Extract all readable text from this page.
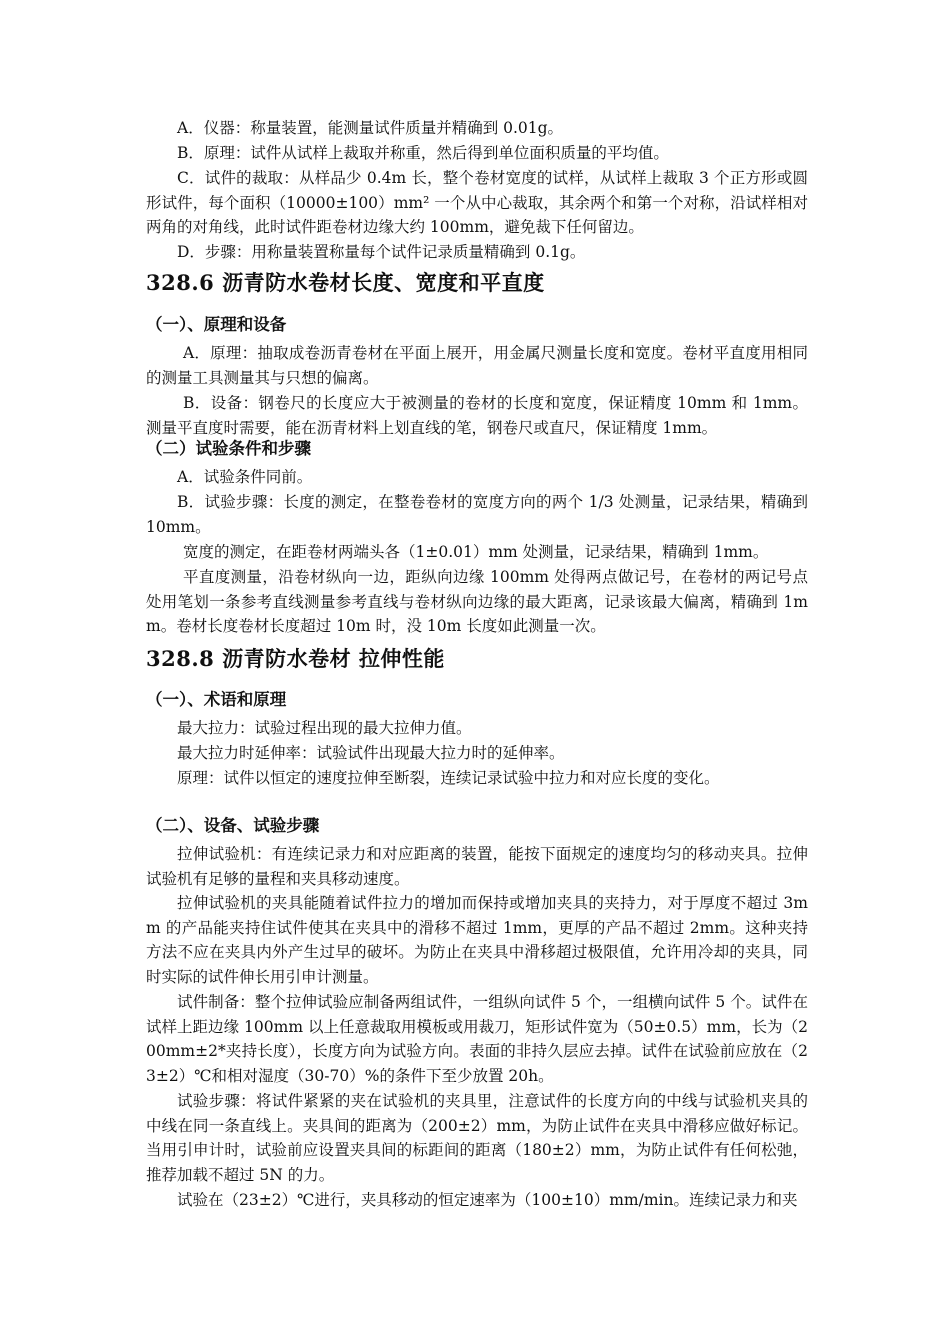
A．仪器：称量装置，能测量试件质量并精确到 0.01g。

B．原理：试件从试样上裁取并称重，然后得到单位面积质量的平均值。

C．试件的裁取：从样品少 0.4m 长，整个卷材宽度的试样，从试样上裁取 3 个正方形或圆形试件，每个面积（10000±100）mm² 一个从中心裁取，其余两个和第一个对称，沿试样相对两角的对角线，此时试件距卷材边缘大约 100mm，避免裁下任何留边。

D．步骤：用称量装置称量每个试件记录质量精确到 0.1g。

328.6 沥青防水卷材长度、宽度和平直度
（一）、原理和设备

A．原理：抽取成卷沥青卷材在平面上展开，用金属尺测量长度和宽度。卷材平直度用相同的测量工具测量其与只想的偏离。

B．设备：钢卷尺的长度应大于被测量的卷材的长度和宽度，保证精度 10mm 和 1mm。测量平直度时需要，能在沥青材料上划直线的笔，钢卷尺或直尺，保证精度 1mm。

（二）试验条件和步骤

A．试验条件同前。

B．试验步骤：长度的测定，在整卷卷材的宽度方向的两个 1/3 处测量，记录结果，精确到 10mm。

宽度的测定，在距卷材两端头各（1±0.01）mm 处测量，记录结果，精确到 1mm。

平直度测量，沿卷材纵向一边，距纵向边缘 100mm 处得两点做记号，在卷材的两记号点处用笔划一条参考直线测量参考直线与卷材纵向边缘的最大距离，记录该最大偏离，精确到 1mm。卷材长度卷材长度超过 10m 时，没 10m 长度如此测量一次。

328.8 沥青防水卷材 拉伸性能
（一）、术语和原理

最大拉力：试验过程出现的最大拉伸力值。

最大拉力时延伸率：试验试件出现最大拉力时的延伸率。

原理：试件以恒定的速度拉伸至断裂，连续记录试验中拉力和对应长度的变化。

（二）、设备、试验步骤

拉伸试验机：有连续记录力和对应距离的装置，能按下面规定的速度均匀的移动夹具。拉伸试验机有足够的量程和夹具移动速度。

拉伸试验机的夹具能随着试件拉力的增加而保持或增加夹具的夹持力，对于厚度不超过 3mm 的产品能夹持住试件使其在夹具中的滑移不超过 1mm，更厚的产品不超过 2mm。这种夹持方法不应在夹具内外产生过早的破坏。为防止在夹具中滑移超过极限值，允许用冷却的夹具，同时实际的试件伸长用引申计测量。

试件制备：整个拉伸试验应制备两组试件，一组纵向试件 5 个，一组横向试件 5 个。试件在试样上距边缘 100mm 以上任意裁取用模板或用裁刀，矩形试件宽为（50±0.5）mm，长为（200mm±2*夹持长度），长度方向为试验方向。表面的非持久层应去掉。试件在试验前应放在（23±2）℃和相对湿度（30-70）%的条件下至少放置 20h。

试验步骤：将试件紧紧的夹在试验机的夹具里，注意试件的长度方向的中线与试验机夹具的中线在同一条直线上。夹具间的距离为（200±2）mm，为防止试件在夹具中滑移应做好标记。当用引申计时，试验前应设置夹具间的标距间的距离（180±2）mm，为防止试件有任何松弛，推荐加载不超过 5N 的力。

试验在（23±2）℃进行，夹具移动的恒定速率为（100±10）mm/min。连续记录力和夹
